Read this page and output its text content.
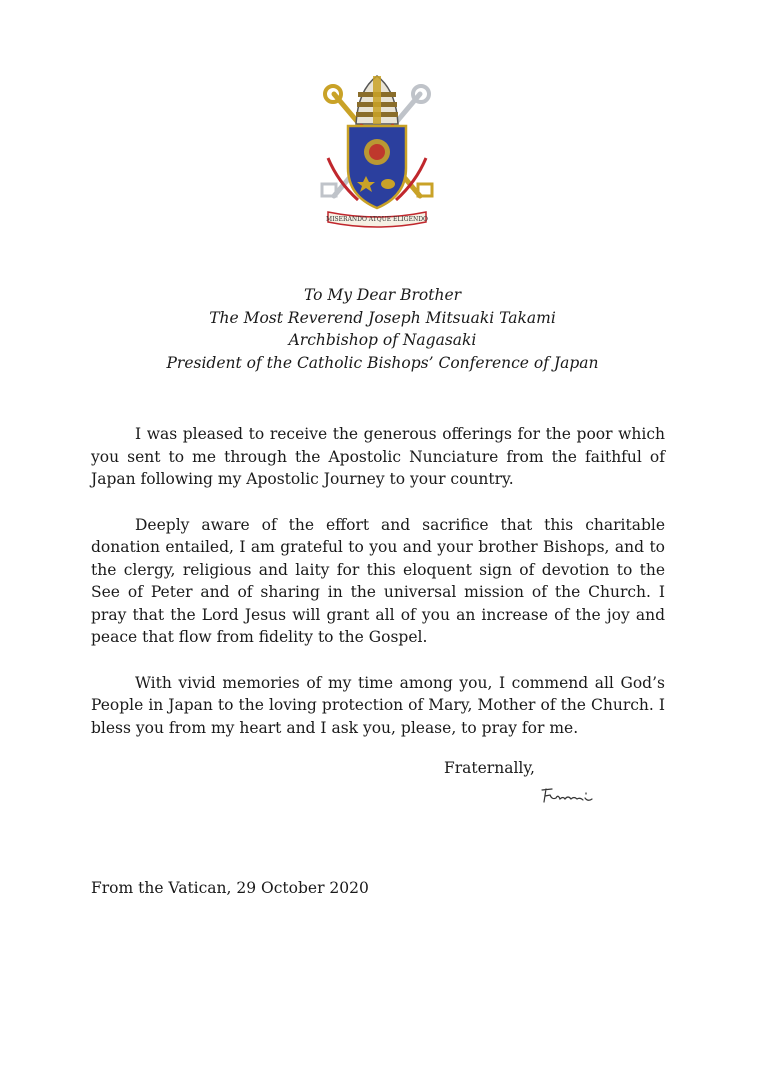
MISERANDO ATQUE ELIGENDO
To My Dear Brother
The Most Reverend Joseph Mitsuaki Takami
Archbishop of Nagasaki
President of the Catholic Bishops’ Conference of Japan

I was pleased to receive the generous offerings for the poor which you sent to me through the Apostolic Nunciature from the faithful of Japan following my Apostolic Journey to your country.

Deeply aware of the effort and sacrifice that this charitable donation entailed, I am grateful to you and your brother Bishops, and to the clergy, religious and laity for this eloquent sign of devotion to the See of Peter and of sharing in the universal mission of the Church. I pray that the Lord Jesus will grant all of you an increase of the joy and peace that flow from fidelity to the Gospel.

With vivid memories of my time among you, I commend all God’s People in Japan to the loving protection of Mary, Mother of the Church. I bless you from my heart and I ask you, please, to pray for me.

Fraternally,
From the Vatican, 29 October 2020
